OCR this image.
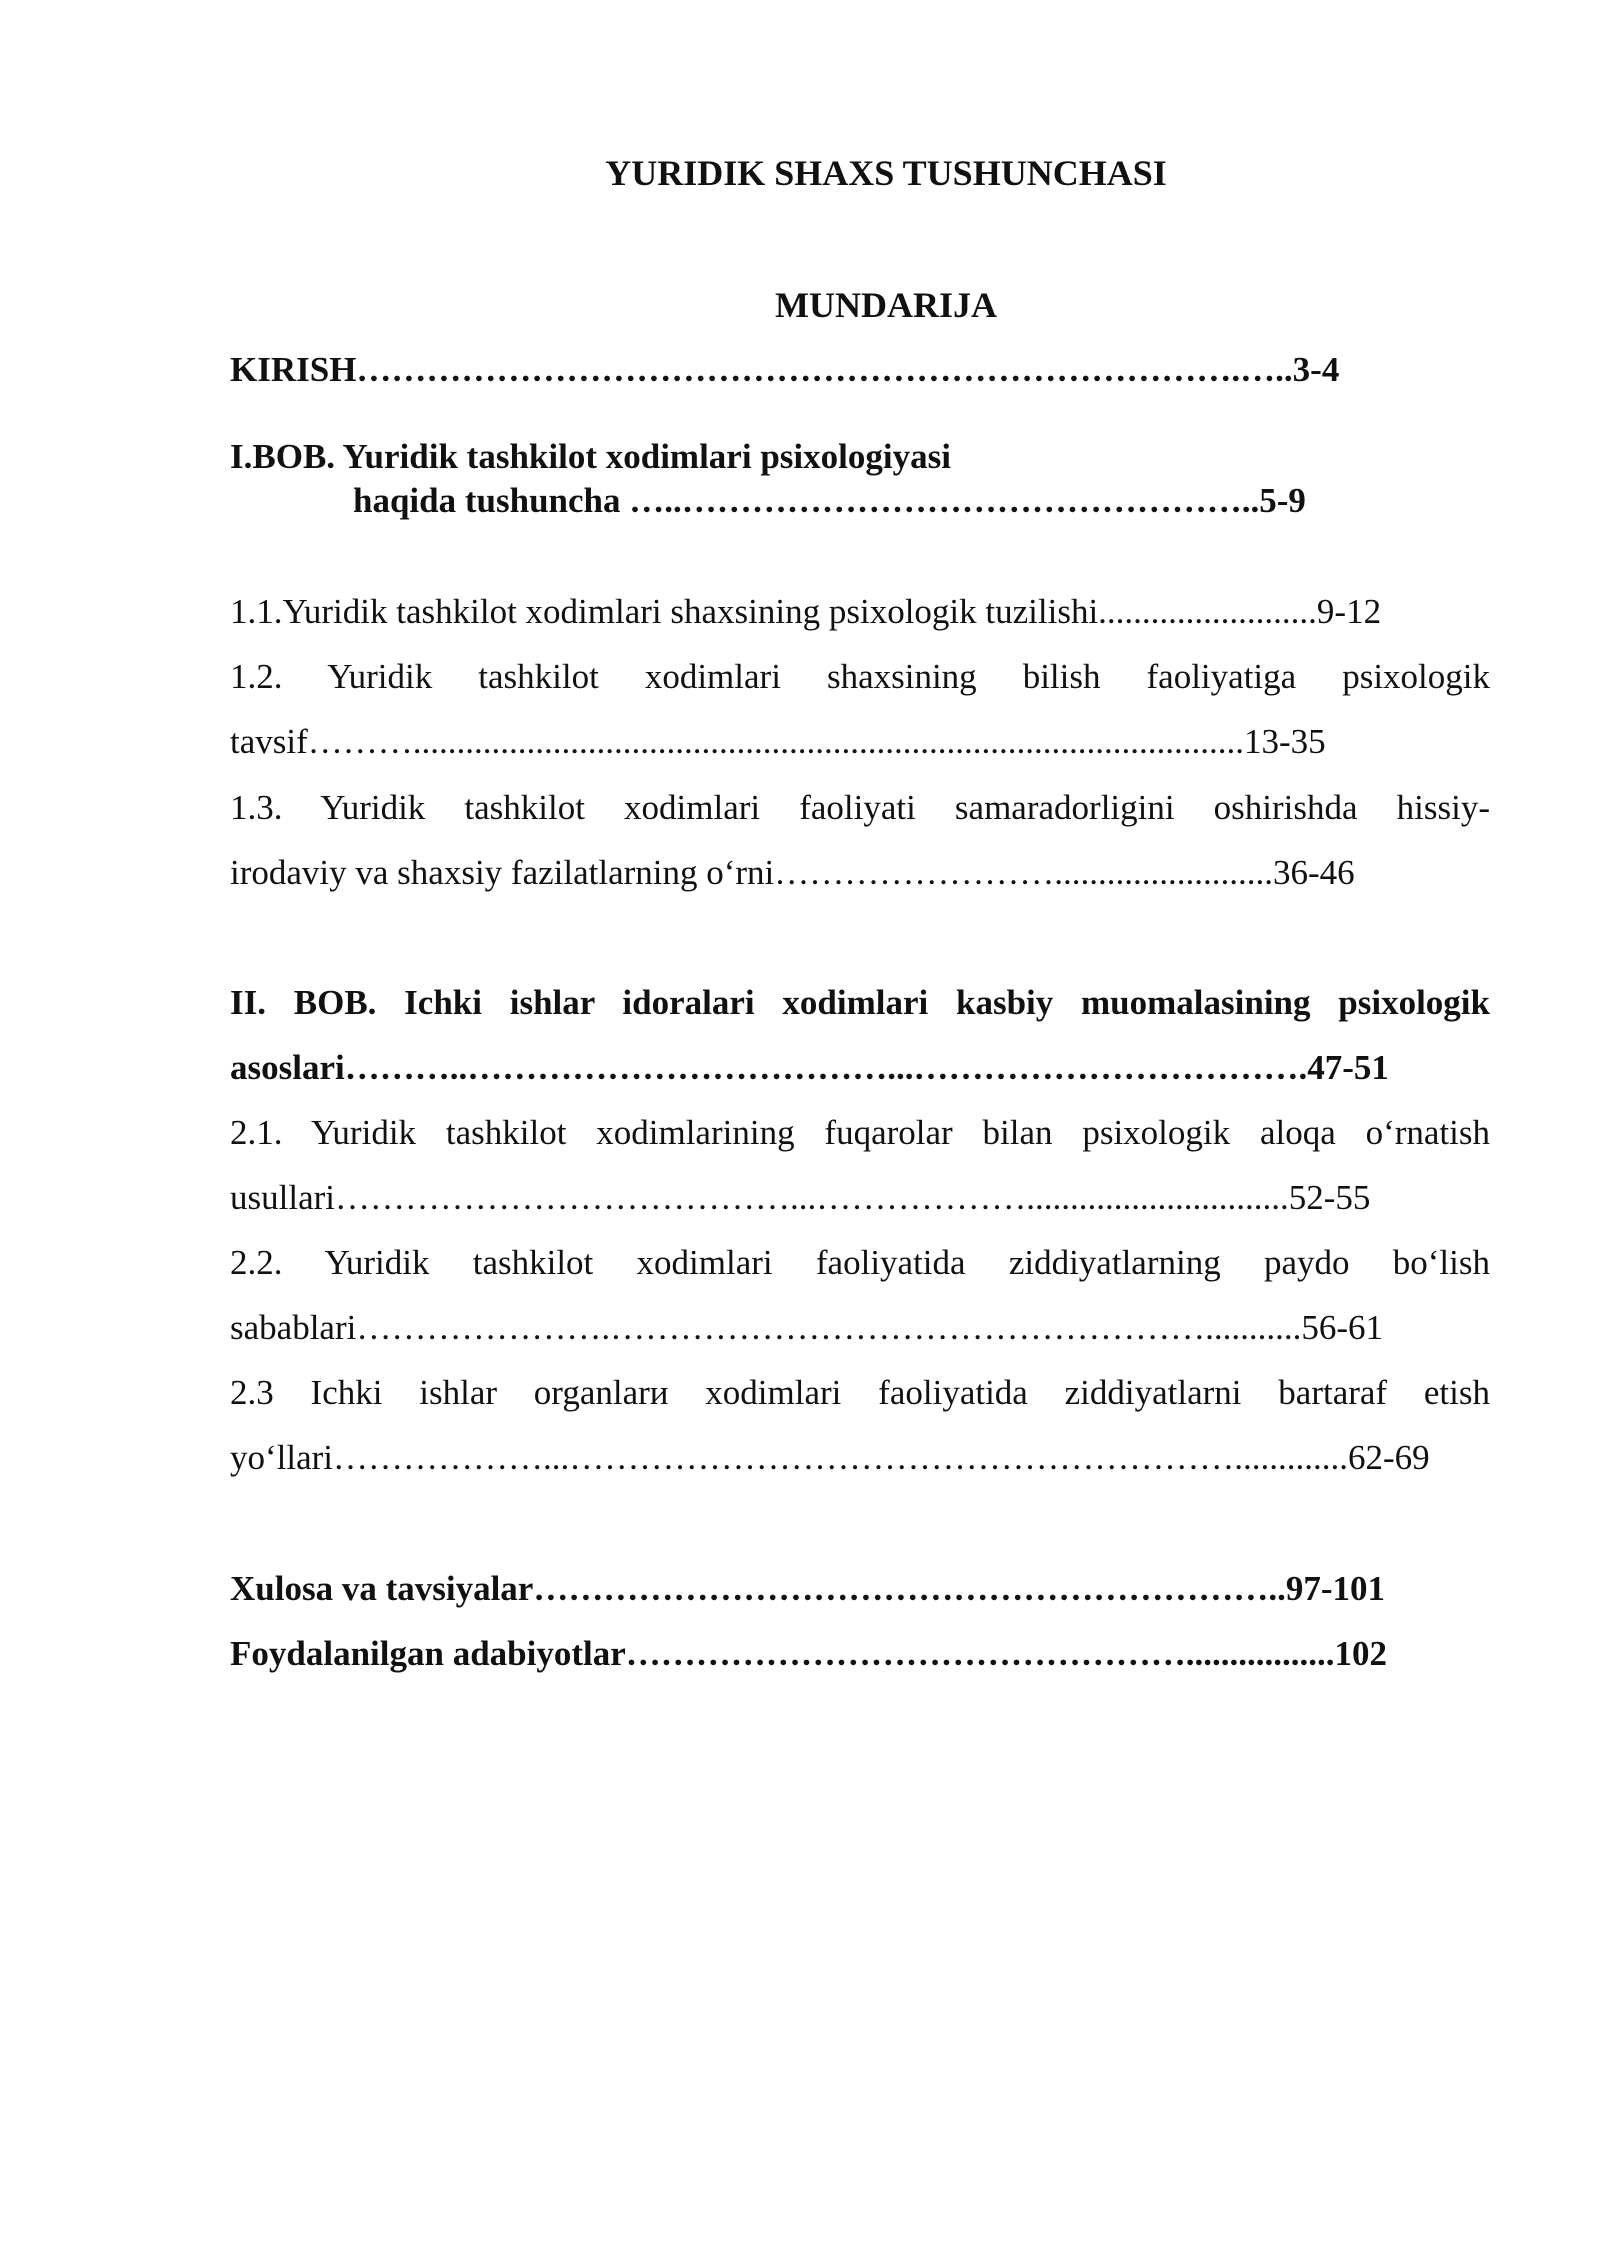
YURIDIK SHAXS TUSHUNCHASI
MUNDARIJA
KIRISH………………………………………………………………….…..3-4
I.BOB. Yuridik tashkilot xodimlari psixologiyasi
haqida tushuncha …..…………………………………………..5-9
1.1.Yuridik tashkilot xodimlari shaxsining psixologik tuzilishi.........................9-12
1.2. Yuridik tashkilot xodimlari shaxsining bilish faoliyatiga psixologik
tavsif………...............................................................................................13-35
1.3. Yuridik tashkilot xodimlari faoliyati samaradorligini oshirishda hissiy-
irodaviy va shaxsiy fazilatlarning o‘rni…………………….........................36-46
II. BOB. Ichki ishlar idoralari xodimlari kasbiy muomalasining psixologik
asoslari………..………………………………...…………………………….47-51
2.1. Yuridik tashkilot xodimlarining fuqarolar bilan psixologik aloqa o‘rnatish
usullari…………………………………...………………..............................52-55
2.2. Yuridik tashkilot xodimlari faoliyatida ziddiyatlarning paydo bo‘lish
sabablari………………….……………………………………………...........56-61
2.3 Ichki ishlar organlarи xodimlari faoliyatida ziddiyatlarni bartaraf etish
yo‘llari………………...………………………………………………….............62-69
Xulosa va tavsiyalar………………………………………………………..97-101
Foydalanilgan adabiyotlar………………………………………….................102
